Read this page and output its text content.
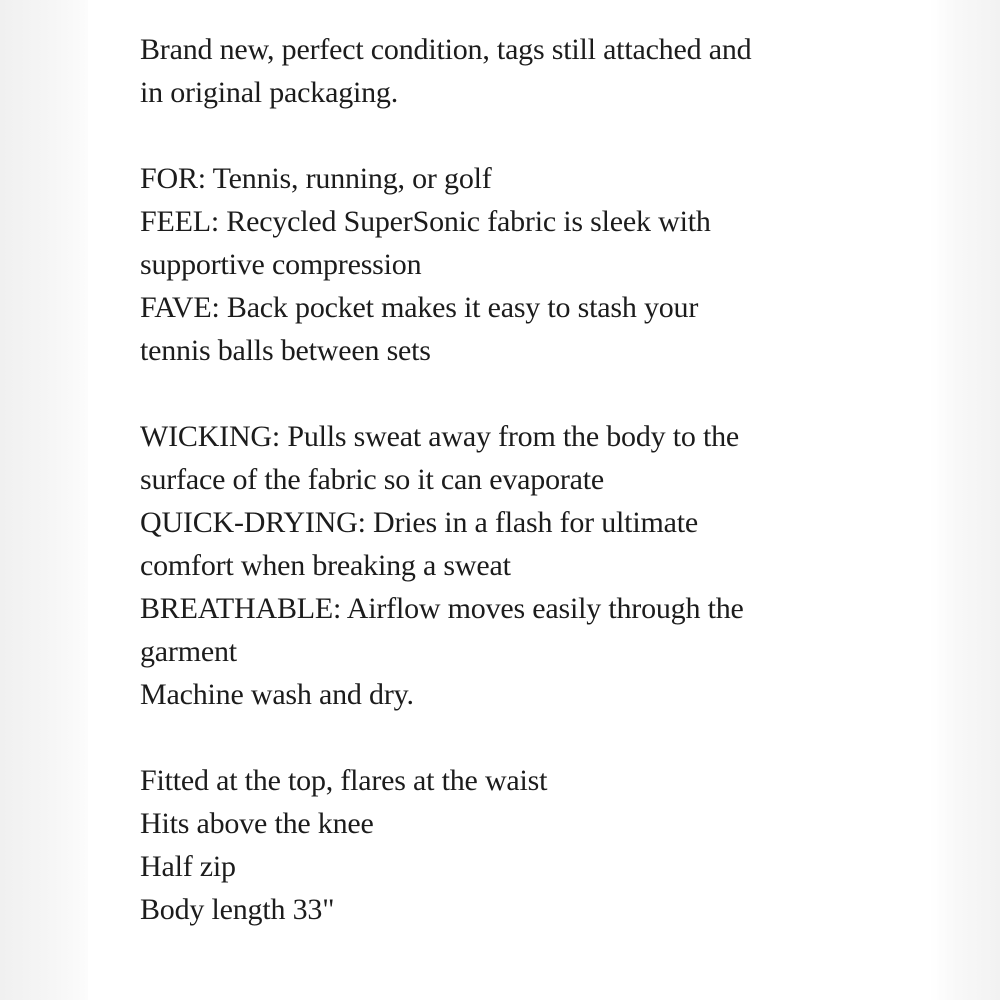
Brand new, perfect condition, tags still attached and
in original packaging.

FOR: Tennis, running, or golf
FEEL: Recycled SuperSonic fabric is sleek with
supportive compression
FAVE: Back pocket makes it easy to stash your
tennis balls between sets

WICKING: Pulls sweat away from the body to the
surface of the fabric so it can evaporate
QUICK-DRYING: Dries in a flash for ultimate
comfort when breaking a sweat
BREATHABLE: Airflow moves easily through the
garment
Machine wash and dry.

Fitted at the top, flares at the waist
Hits above the knee
Half zip
Body length 33"
